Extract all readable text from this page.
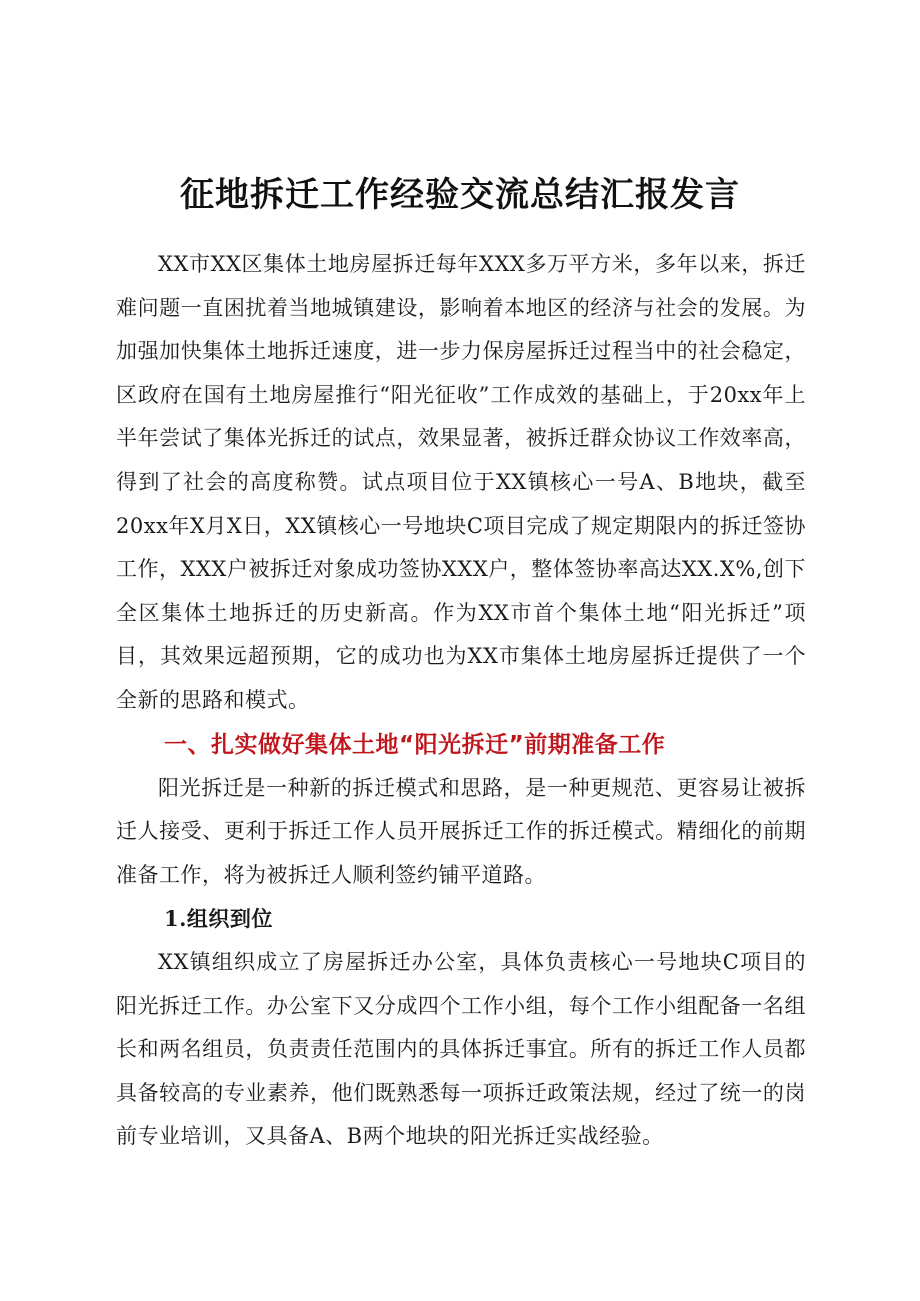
征地拆迁工作经验交流总结汇报发言

XX市XX区集体土地房屋拆迁每年XXX多万平方米，多年以来，拆迁难问题一直困扰着当地城镇建设，影响着本地区的经济与社会的发展。为加强加快集体土地拆迁速度，进一步力保房屋拆迁过程当中的社会稳定，区政府在国有土地房屋推行“阳光征收”工作成效的基础上，于20xx年上半年尝试了集体光拆迁的试点，效果显著，被拆迁群众协议工作效率高，得到了社会的高度称赞。试点项目位于XX镇核心一号A、B地块，截至20xx年X月X日，XX镇核心一号地块C项目完成了规定期限内的拆迁签协工作，XXX户被拆迁对象成功签协XXX户，整体签协率高达XX.X%,创下全区集体土地拆迁的历史新高。作为XX市首个集体土地“阳光拆迁”项目，其效果远超预期，它的成功也为XX市集体土地房屋拆迁提供了一个全新的思路和模式。

一、扎实做好集体土地“阳光拆迁”前期准备工作

阳光拆迁是一种新的拆迁模式和思路，是一种更规范、更容易让被拆迁人接受、更利于拆迁工作人员开展拆迁工作的拆迁模式。精细化的前期准备工作，将为被拆迁人顺利签约铺平道路。

1.组织到位

XX镇组织成立了房屋拆迁办公室，具体负责核心一号地块C项目的阳光拆迁工作。办公室下又分成四个工作小组，每个工作小组配备一名组长和两名组员，负责责任范围内的具体拆迁事宜。所有的拆迁工作人员都具备较高的专业素养，他们既熟悉每一项拆迁政策法规，经过了统一的岗前专业培训，又具备A、B两个地块的阳光拆迁实战经验。
